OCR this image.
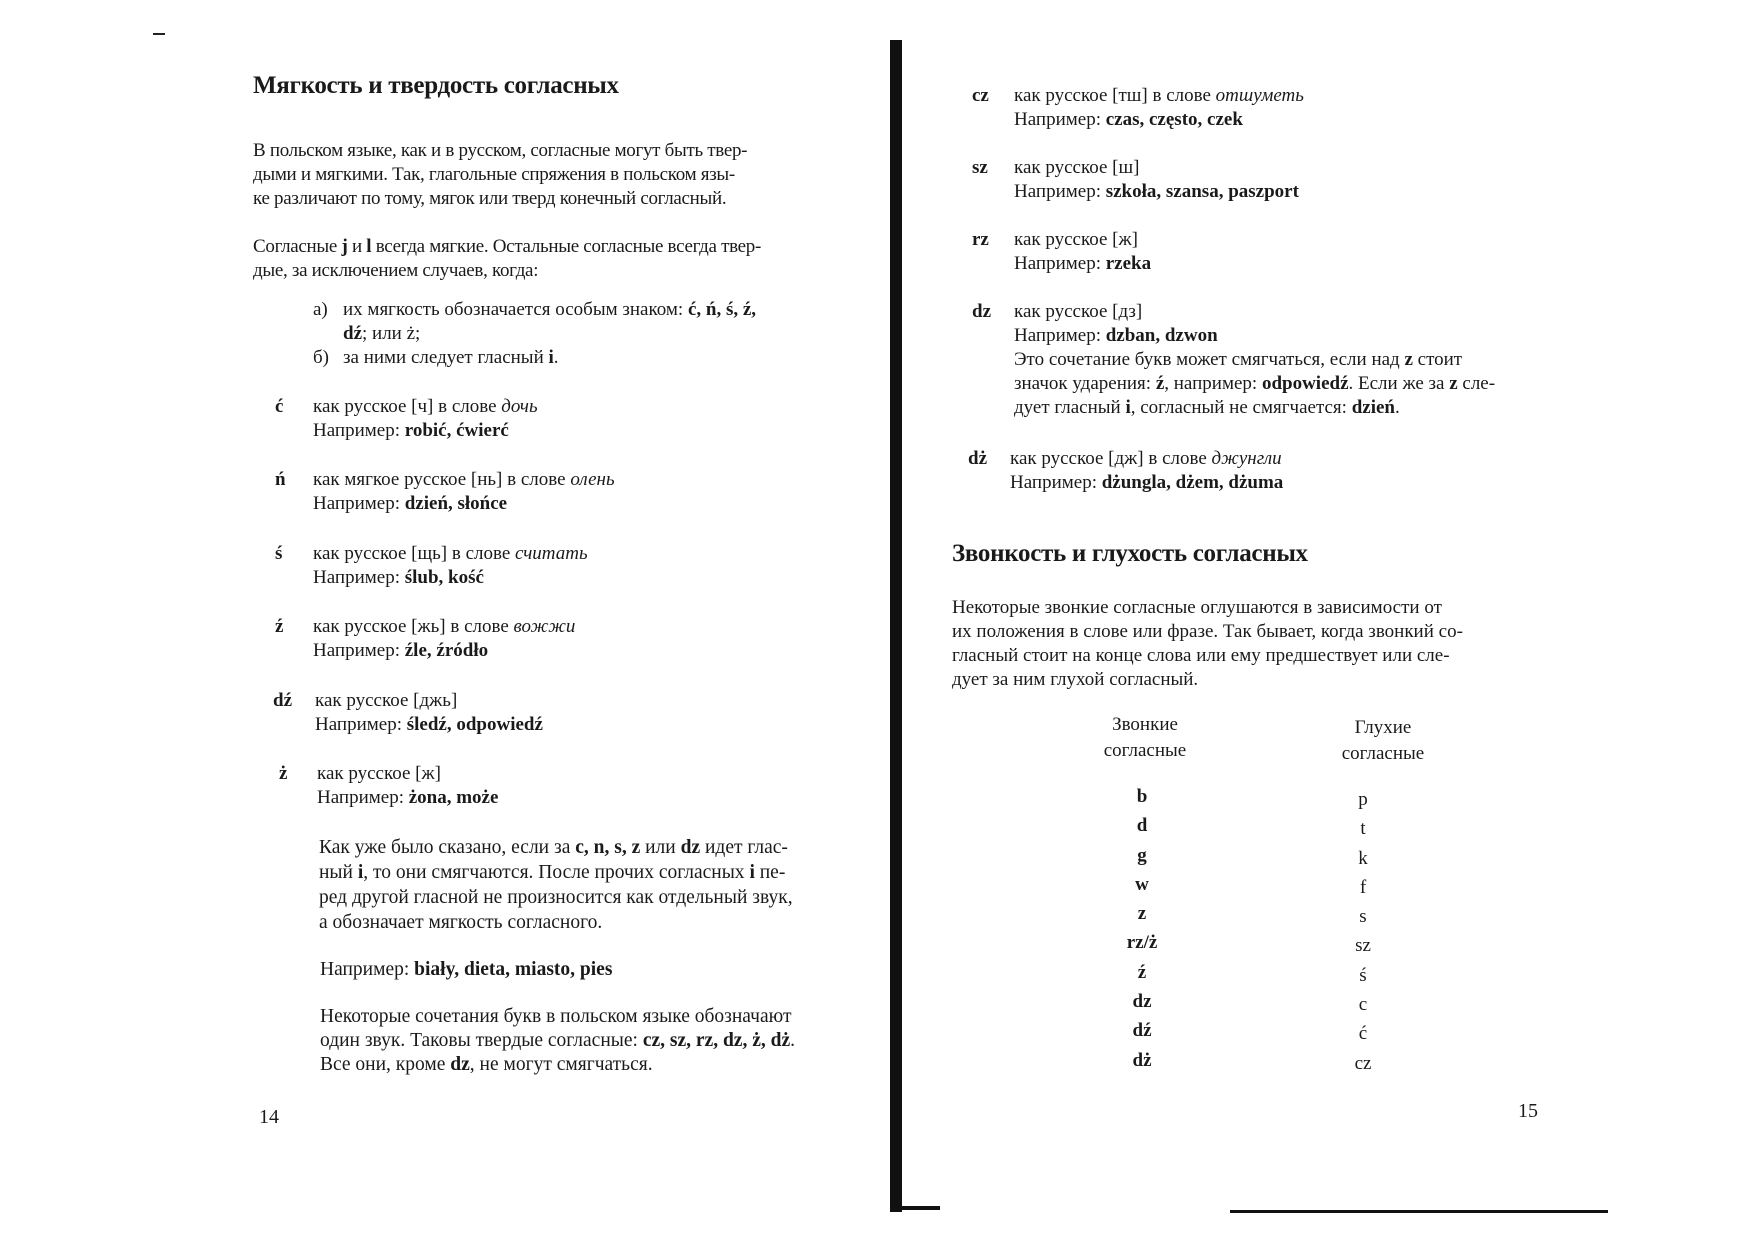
Мягкость и твердость согласных

В польском языке, как и в русском, согласные могут быть твер-

дыми и мягкими. Так, глагольные спряжения в польском язы-

ке различают по тому, мягок или тверд конечный согласный.

Согласные j и l всегда мягкие. Остальные согласные всегда твер-

дые, за исключением случаев, когда:

а) их мягкость обозначается особым знаком: ć, ń, ś, ź,

dź; или ż;

б) за ними следует гласный i.

ć как русское [ч] в слове дочь
Например: robić, ćwierć
ń как мягкое русское [нь] в слове олень
Например: dzień, słońce
ś как русское [щь] в слове считать
Например: ślub, kość
ź как русское [жь] в слове вожжи
Например: źle, źródło
dź как русское [джь]
Например: śledź, odpowiedź
ż как русское [ж]
Например: żona, może

Как уже было сказано, если за c, n, s, z или dz идет глас-

ный i, то они смягчаются. После прочих согласных i пе-

ред другой гласной не произносится как отдельный звук,

а обозначает мягкость согласного.

Например: biały, dieta, miasto, pies

Некоторые сочетания букв в польском языке обозначают

один звук. Таковы твердые согласные: cz, sz, rz, dz, ż, dż.

Все они, кроме dz, не могут смягчаться.

14
cz как русское [тш] в слове отшуметь
Например: czas, często, czek
sz как русское [ш]
Например: szkoła, szansa, paszport
rz как русское [ж]
Например: rzeka
dz как русское [дз]
Например: dzban, dzwon
Это сочетание букв может смягчаться, если над z стоит
значок ударения: ź, например: odpowiedź. Если же за z сле-
дует гласный i, согласный не смягчается: dzień.
dż как русское [дж] в слове джунгли
Например: dżungla, dżem, dżuma
Звонкость и глухость согласных

Некоторые звонкие согласные оглушаются в зависимости от

их положения в слове или фразе. Так бывает, когда звонкий со-

гласный стоит на конце слова или ему предшествует или сле-

дует за ним глухой согласный.

15
Звонкие
согласные
Глухие
согласные
b
d
g
w
z
rz/ż
ź
dz
dź
dż
p
t
k
f
s
sz
ś
c
ć
cz
